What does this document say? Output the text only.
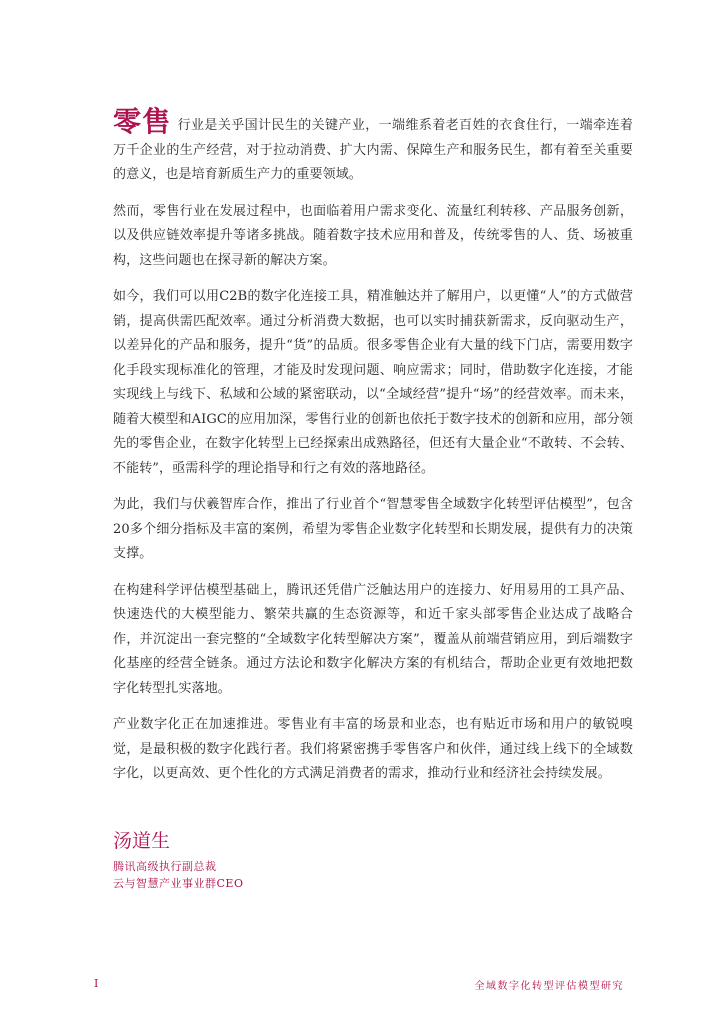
零售 行业是关乎国计民生的关键产业，一端维系着老百姓的衣食住行，一端牵连着万千企业的生产经营，对于拉动消费、扩大内需、保障生产和服务民生，都有着至关重要的意义，也是培育新质生产力的重要领域。

然而，零售行业在发展过程中，也面临着用户需求变化、流量红利转移、产品服务创新，以及供应链效率提升等诸多挑战。随着数字技术应用和普及，传统零售的人、货、场被重构，这些问题也在探寻新的解决方案。

如今，我们可以用C2B的数字化连接工具，精准触达并了解用户，以更懂“人”的方式做营销，提高供需匹配效率。通过分析消费大数据，也可以实时捕获新需求，反向驱动生产，以差异化的产品和服务，提升“货”的品质。很多零售企业有大量的线下门店，需要用数字化手段实现标准化的管理，才能及时发现问题、响应需求；同时，借助数字化连接，才能实现线上与线下、私域和公域的紧密联动，以“全域经营”提升“场”的经营效率。而未来，随着大模型和AIGC的应用加深，零售行业的创新也依托于数字技术的创新和应用，部分领先的零售企业，在数字化转型上已经探索出成熟路径，但还有大量企业“不敢转、不会转、不能转”，亟需科学的理论指导和行之有效的落地路径。

为此，我们与伏羲智库合作，推出了行业首个“智慧零售全域数字化转型评估模型”，包含20多个细分指标及丰富的案例，希望为零售企业数字化转型和长期发展，提供有力的决策支撑。

在构建科学评估模型基础上，腾讯还凭借广泛触达用户的连接力、好用易用的工具产品、快速迭代的大模型能力、繁荣共赢的生态资源等，和近千家头部零售企业达成了战略合作，并沉淀出一套完整的“全域数字化转型解决方案”，覆盖从前端营销应用，到后端数字化基座的经营全链条。通过方法论和数字化解决方案的有机结合，帮助企业更有效地把数字化转型扎实落地。

产业数字化正在加速推进。零售业有丰富的场景和业态，也有贴近市场和用户的敏锐嗅觉，是最积极的数字化践行者。我们将紧密携手零售客户和伙伴，通过线上线下的全域数字化，以更高效、更个性化的方式满足消费者的需求，推动行业和经济社会持续发展。

汤道生
腾讯高级执行副总裁
云与智慧产业事业群CEO
I	全域数字化转型评估模型研究
